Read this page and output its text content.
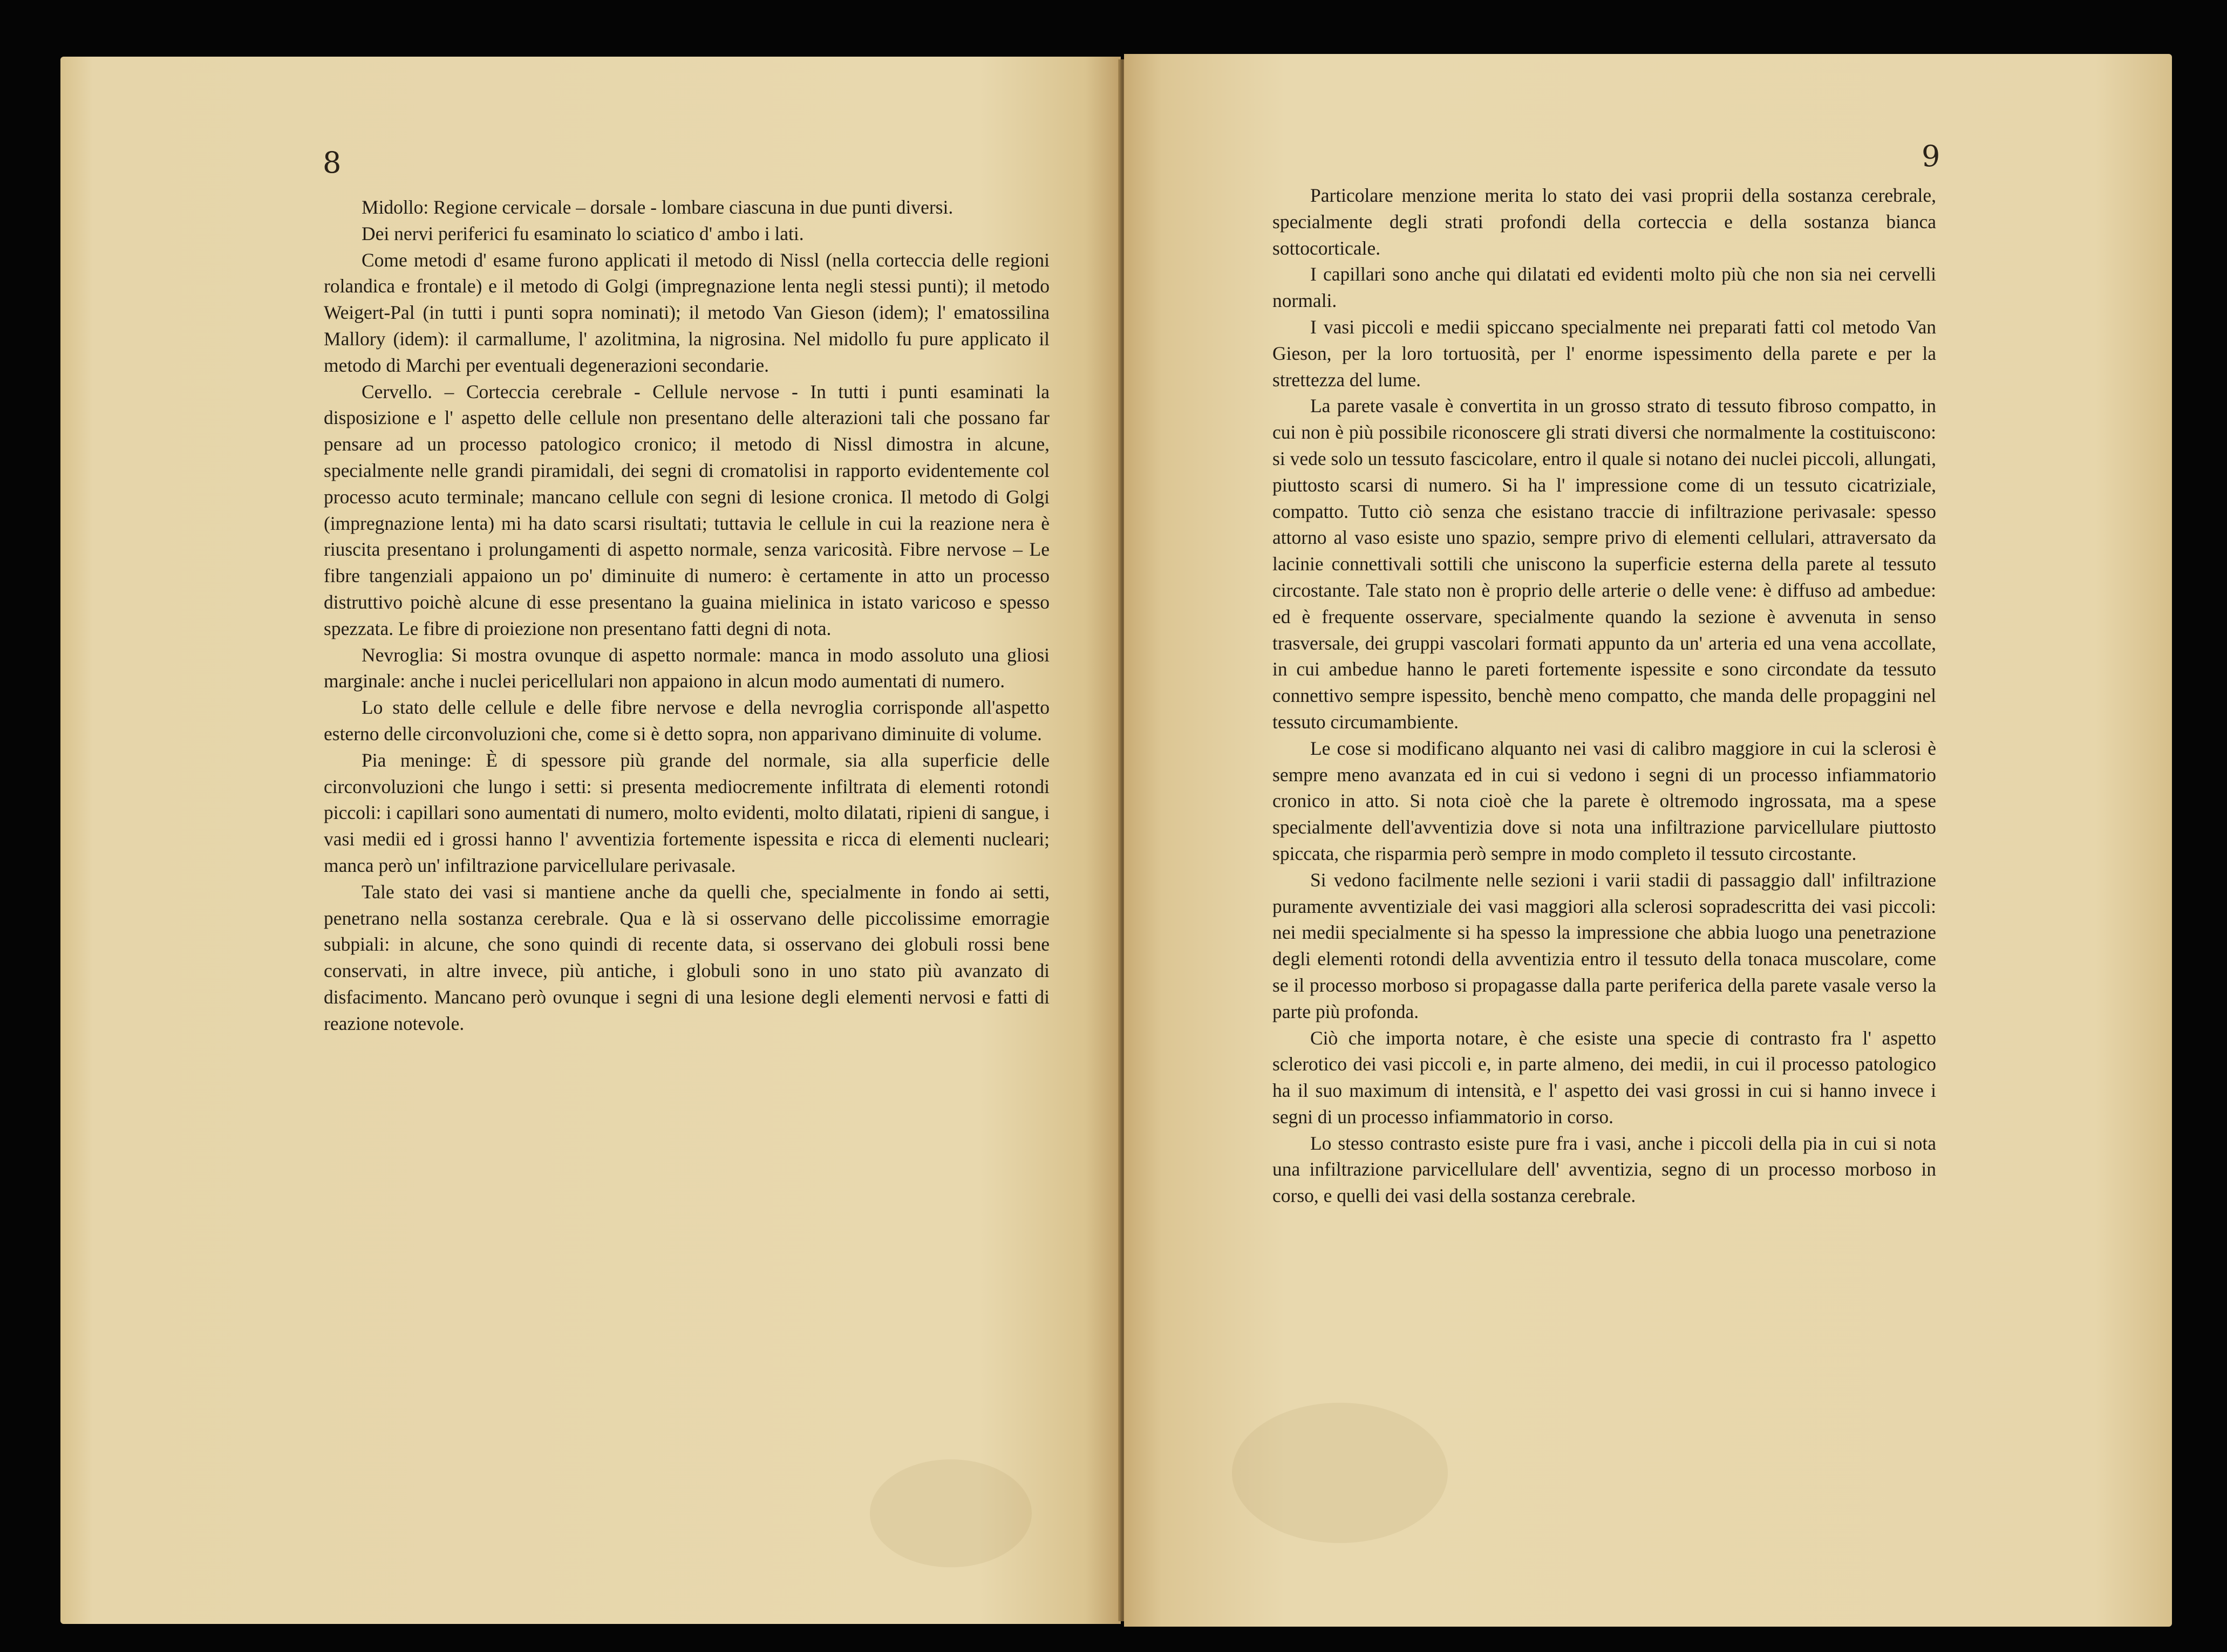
8

Midollo: Regione cervicale – dorsale - lombare ciascuna in due punti diversi.

Dei nervi periferici fu esaminato lo sciatico d' ambo i lati.

Come metodi d' esame furono applicati il metodo di Nissl (nella corteccia delle regioni rolandica e frontale) e il metodo di Golgi (impregnazione lenta negli stessi punti); il metodo Weigert-Pal (in tutti i punti sopra nominati); il metodo Van Gieson (idem); l' ematossilina Mallory (idem): il carmallume, l' azolitmina, la nigrosina. Nel midollo fu pure applicato il metodo di Marchi per eventuali degenerazioni secondarie.

Cervello. – Corteccia cerebrale - Cellule nervose - In tutti i punti esaminati la disposizione e l' aspetto delle cellule non presentano delle alterazioni tali che possano far pensare ad un processo patologico cronico; il metodo di Nissl dimostra in alcune, specialmente nelle grandi piramidali, dei segni di cromatolisi in rapporto evidentemente col processo acuto terminale; mancano cellule con segni di lesione cronica. Il metodo di Golgi (impregnazione lenta) mi ha dato scarsi risultati; tuttavia le cellule in cui la reazione nera è riuscita presentano i prolungamenti di aspetto normale, senza varicosità. Fibre nervose – Le fibre tangenziali appaiono un po' diminuite di numero: è certamente in atto un processo distruttivo poichè alcune di esse presentano la guaina mielinica in istato varicoso e spesso spezzata. Le fibre di proiezione non presentano fatti degni di nota.

Nevroglia: Si mostra ovunque di aspetto normale: manca in modo assoluto una gliosi marginale: anche i nuclei pericellulari non appaiono in alcun modo aumentati di numero.

Lo stato delle cellule e delle fibre nervose e della nevroglia corrisponde all'aspetto esterno delle circonvoluzioni che, come si è detto sopra, non apparivano diminuite di volume.

Pia meninge: È di spessore più grande del normale, sia alla superficie delle circonvoluzioni che lungo i setti: si presenta mediocremente infiltrata di elementi rotondi piccoli: i capillari sono aumentati di numero, molto evidenti, molto dilatati, ripieni di sangue, i vasi medii ed i grossi hanno l' avventizia fortemente ispessita e ricca di elementi nucleari; manca però un' infiltrazione parvicellulare perivasale.

Tale stato dei vasi si mantiene anche da quelli che, specialmente in fondo ai setti, penetrano nella sostanza cerebrale. Qua e là si osservano delle piccolissime emorragie subpiali: in alcune, che sono quindi di recente data, si osservano dei globuli rossi bene conservati, in altre invece, più antiche, i globuli sono in uno stato più avanzato di disfacimento. Mancano però ovunque i segni di una lesione degli elementi nervosi e fatti di reazione notevole.

9

Particolare menzione merita lo stato dei vasi proprii della sostanza cerebrale, specialmente degli strati profondi della corteccia e della sostanza bianca sottocorticale.

I capillari sono anche qui dilatati ed evidenti molto più che non sia nei cervelli normali.

I vasi piccoli e medii spiccano specialmente nei preparati fatti col metodo Van Gieson, per la loro tortuosità, per l' enorme ispessimento della parete e per la strettezza del lume.

La parete vasale è convertita in un grosso strato di tessuto fibroso compatto, in cui non è più possibile riconoscere gli strati diversi che normalmente la costituiscono: si vede solo un tessuto fascicolare, entro il quale si notano dei nuclei piccoli, allungati, piuttosto scarsi di numero. Si ha l' impressione come di un tessuto cicatriziale, compatto. Tutto ciò senza che esistano traccie di infiltrazione perivasale: spesso attorno al vaso esiste uno spazio, sempre privo di elementi cellulari, attraversato da lacinie connettivali sottili che uniscono la superficie esterna della parete al tessuto circostante. Tale stato non è proprio delle arterie o delle vene: è diffuso ad ambedue: ed è frequente osservare, specialmente quando la sezione è avvenuta in senso trasversale, dei gruppi vascolari formati appunto da un' arteria ed una vena accollate, in cui ambedue hanno le pareti fortemente ispessite e sono circondate da tessuto connettivo sempre ispessito, benchè meno compatto, che manda delle propaggini nel tessuto circumambiente.

Le cose si modificano alquanto nei vasi di calibro maggiore in cui la sclerosi è sempre meno avanzata ed in cui si vedono i segni di un processo infiammatorio cronico in atto. Si nota cioè che la parete è oltremodo ingrossata, ma a spese specialmente dell'avventizia dove si nota una infiltrazione parvicellulare piuttosto spiccata, che risparmia però sempre in modo completo il tessuto circostante.

Si vedono facilmente nelle sezioni i varii stadii di passaggio dall' infiltrazione puramente avventiziale dei vasi maggiori alla sclerosi sopradescritta dei vasi piccoli: nei medii specialmente si ha spesso la impressione che abbia luogo una penetrazione degli elementi rotondi della avventizia entro il tessuto della tonaca muscolare, come se il processo morboso si propagasse dalla parte periferica della parete vasale verso la parte più profonda.

Ciò che importa notare, è che esiste una specie di contrasto fra l' aspetto sclerotico dei vasi piccoli e, in parte almeno, dei medii, in cui il processo patologico ha il suo maximum di intensità, e l' aspetto dei vasi grossi in cui si hanno invece i segni di un processo infiammatorio in corso.

Lo stesso contrasto esiste pure fra i vasi, anche i piccoli della pia in cui si nota una infiltrazione parvicellulare dell' avventizia, segno di un processo morboso in corso, e quelli dei vasi della sostanza cerebrale.
